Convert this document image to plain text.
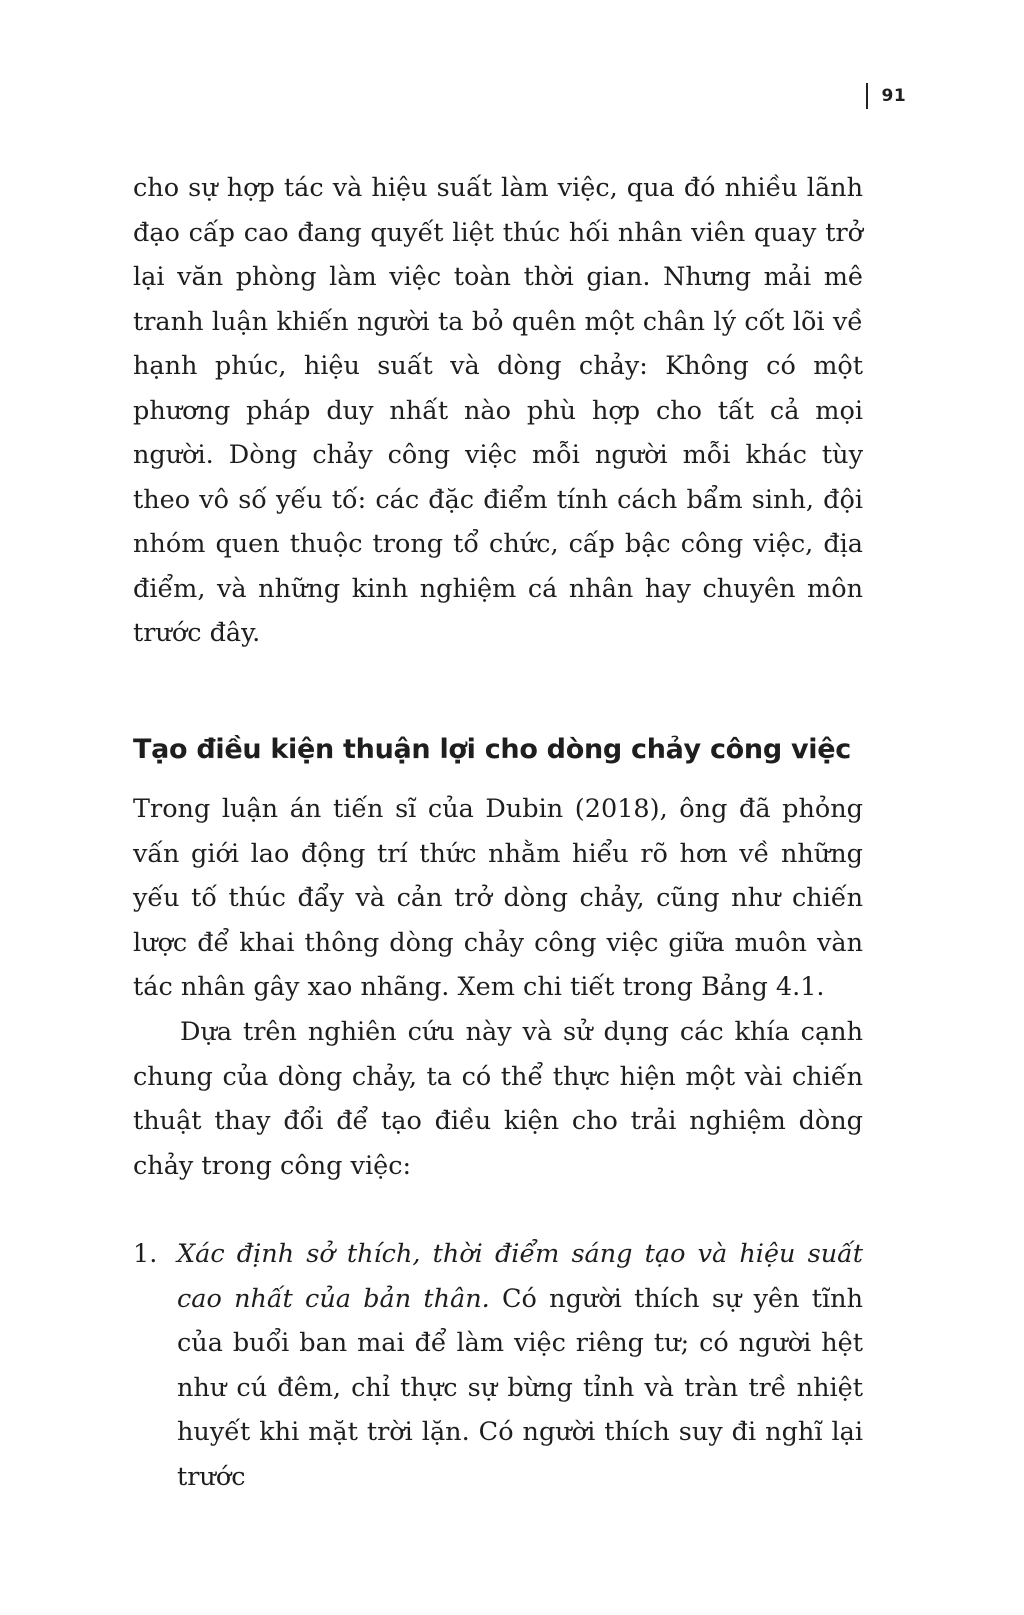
91

cho sự hợp tác và hiệu suất làm việc, qua đó nhiều lãnh đạo cấp cao đang quyết liệt thúc hối nhân viên quay trở lại văn phòng làm việc toàn thời gian. Nhưng mải mê tranh luận khiến người ta bỏ quên một chân lý cốt lõi về hạnh phúc, hiệu suất và dòng chảy: Không có một phương pháp duy nhất nào phù hợp cho tất cả mọi người. Dòng chảy công việc mỗi người mỗi khác tùy theo vô số yếu tố: các đặc điểm tính cách bẩm sinh, đội nhóm quen thuộc trong tổ chức, cấp bậc công việc, địa điểm, và những kinh nghiệm cá nhân hay chuyên môn trước đây.

Tạo điều kiện thuận lợi cho dòng chảy công việc

Trong luận án tiến sĩ của Dubin (2018), ông đã phỏng vấn giới lao động trí thức nhằm hiểu rõ hơn về những yếu tố thúc đẩy và cản trở dòng chảy, cũng như chiến lược để khai thông dòng chảy công việc giữa muôn vàn tác nhân gây xao nhãng. Xem chi tiết trong Bảng 4.1.

Dựa trên nghiên cứu này và sử dụng các khía cạnh chung của dòng chảy, ta có thể thực hiện một vài chiến thuật thay đổi để tạo điều kiện cho trải nghiệm dòng chảy trong công việc:

1. Xác định sở thích, thời điểm sáng tạo và hiệu suất cao nhất của bản thân. Có người thích sự yên tĩnh của buổi ban mai để làm việc riêng tư; có người hệt như cú đêm, chỉ thực sự bừng tỉnh và tràn trề nhiệt huyết khi mặt trời lặn. Có người thích suy đi nghĩ lại trước
